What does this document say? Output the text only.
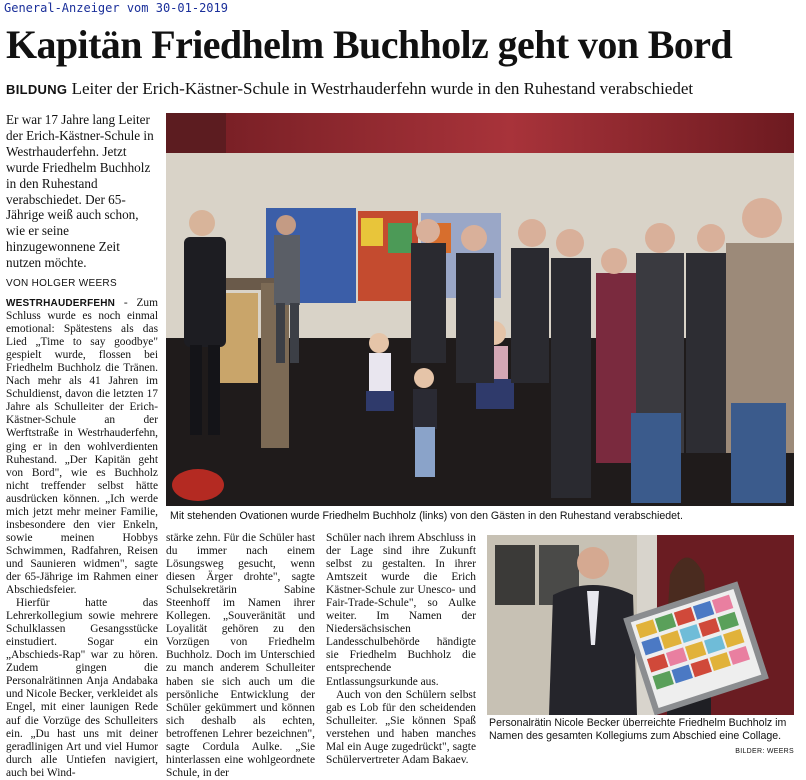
General-Anzeiger vom 30-01-2019
Kapitän Friedhelm Buchholz geht von Bord
BILDUNG Leiter der Erich-Kästner-Schule in Westrhauderfehn wurde in den Ruhestand verabschiedet
Er war 17 Jahre lang Leiter der Erich-Kästner-Schule in Westrhauderfehn. Jetzt wurde Friedhelm Buchholz in den Ruhestand verabschiedet. Der 65-Jährige weiß auch schon, wie er seine hinzugewonnene Zeit nutzen möchte.
VON HOLGER WEERS

WESTRHAUDERFEHN - Zum Schluss wurde es noch einmal emotional: Spätestens als das Lied „Time to say goodbye" gespielt wurde, flossen bei Friedhelm Buchholz die Tränen. Nach mehr als 41 Jahren im Schuldienst, davon die letzten 17 Jahre als Schulleiter der Erich-Kästner-Schule an der Werftstraße in Westrhauderfehn, ging er in den wohlverdienten Ruhestand. „Der Kapitän geht von Bord", wie es Buchholz nicht treffender selbst hätte ausdrücken können. „Ich werde mich jetzt mehr meiner Familie, insbesondere den vier Enkeln, sowie meinen Hobbys Schwimmen, Radfahren, Reisen und Saunieren widmen", sagte der 65-Jährige im Rahmen einer Abschiedsfeier.

Hierfür hatte das Lehrerkollegium sowie mehrere Schulklassen Gesangsstücke einstudiert. Sogar ein „Abschieds-Rap" war zu hören. Zudem gingen die Personalrätinnen Anja Andabaka und Nicole Becker, verkleidet als Engel, mit einer launigen Rede auf die Vorzüge des Schulleiters ein. „Du hast uns mit deiner geradlinigen Art und viel Humor durch alle Untiefen navigiert, auch bei Wind-

stärke zehn. Für die Schüler hast du immer nach einem Lösungsweg gesucht, wenn diesen Ärger drohte", sagte Schulsekretärin Sabine Steenhoff im Namen ihrer Kollegen. „Souveränität und Loyalität gehören zu den Vorzügen von Friedhelm Buchholz. Doch im Unterschied zu manch anderem Schulleiter haben sie sich auch um die persönliche Entwicklung der Schüler gekümmert und können sich deshalb als echten, betroffenen Lehrer bezeichnen", sagte Cordula Aulke. „Sie hinterlassen eine wohlgeordnete Schule, in der

Schüler nach ihrem Abschluss in der Lage sind ihre Zukunft selbst zu gestalten. In ihrer Amtszeit wurde die Erich Kästner-Schule zur Unesco- und Fair-Trade-Schule", so Aulke weiter. Im Namen der Niedersächsischen Landesschulbehörde händigte sie Friedhelm Buchholz die entsprechende Entlassungsurkunde aus.

Auch von den Schülern selbst gab es Lob für den scheidenden Schulleiter. „Sie können Spaß verstehen und haben manches Mal ein Auge zugedrückt", sagte Schülervertreter Adam Bakaev.

Mit stehenden Ovationen wurde Friedhelm Buchholz (links) von den Gästen in den Ruhestand verabschiedet.
Personalrätin Nicole Becker überreichte Friedhelm Buchholz im Namen des gesamten Kollegiums zum Abschied eine Collage.
BILDER: WEERS
